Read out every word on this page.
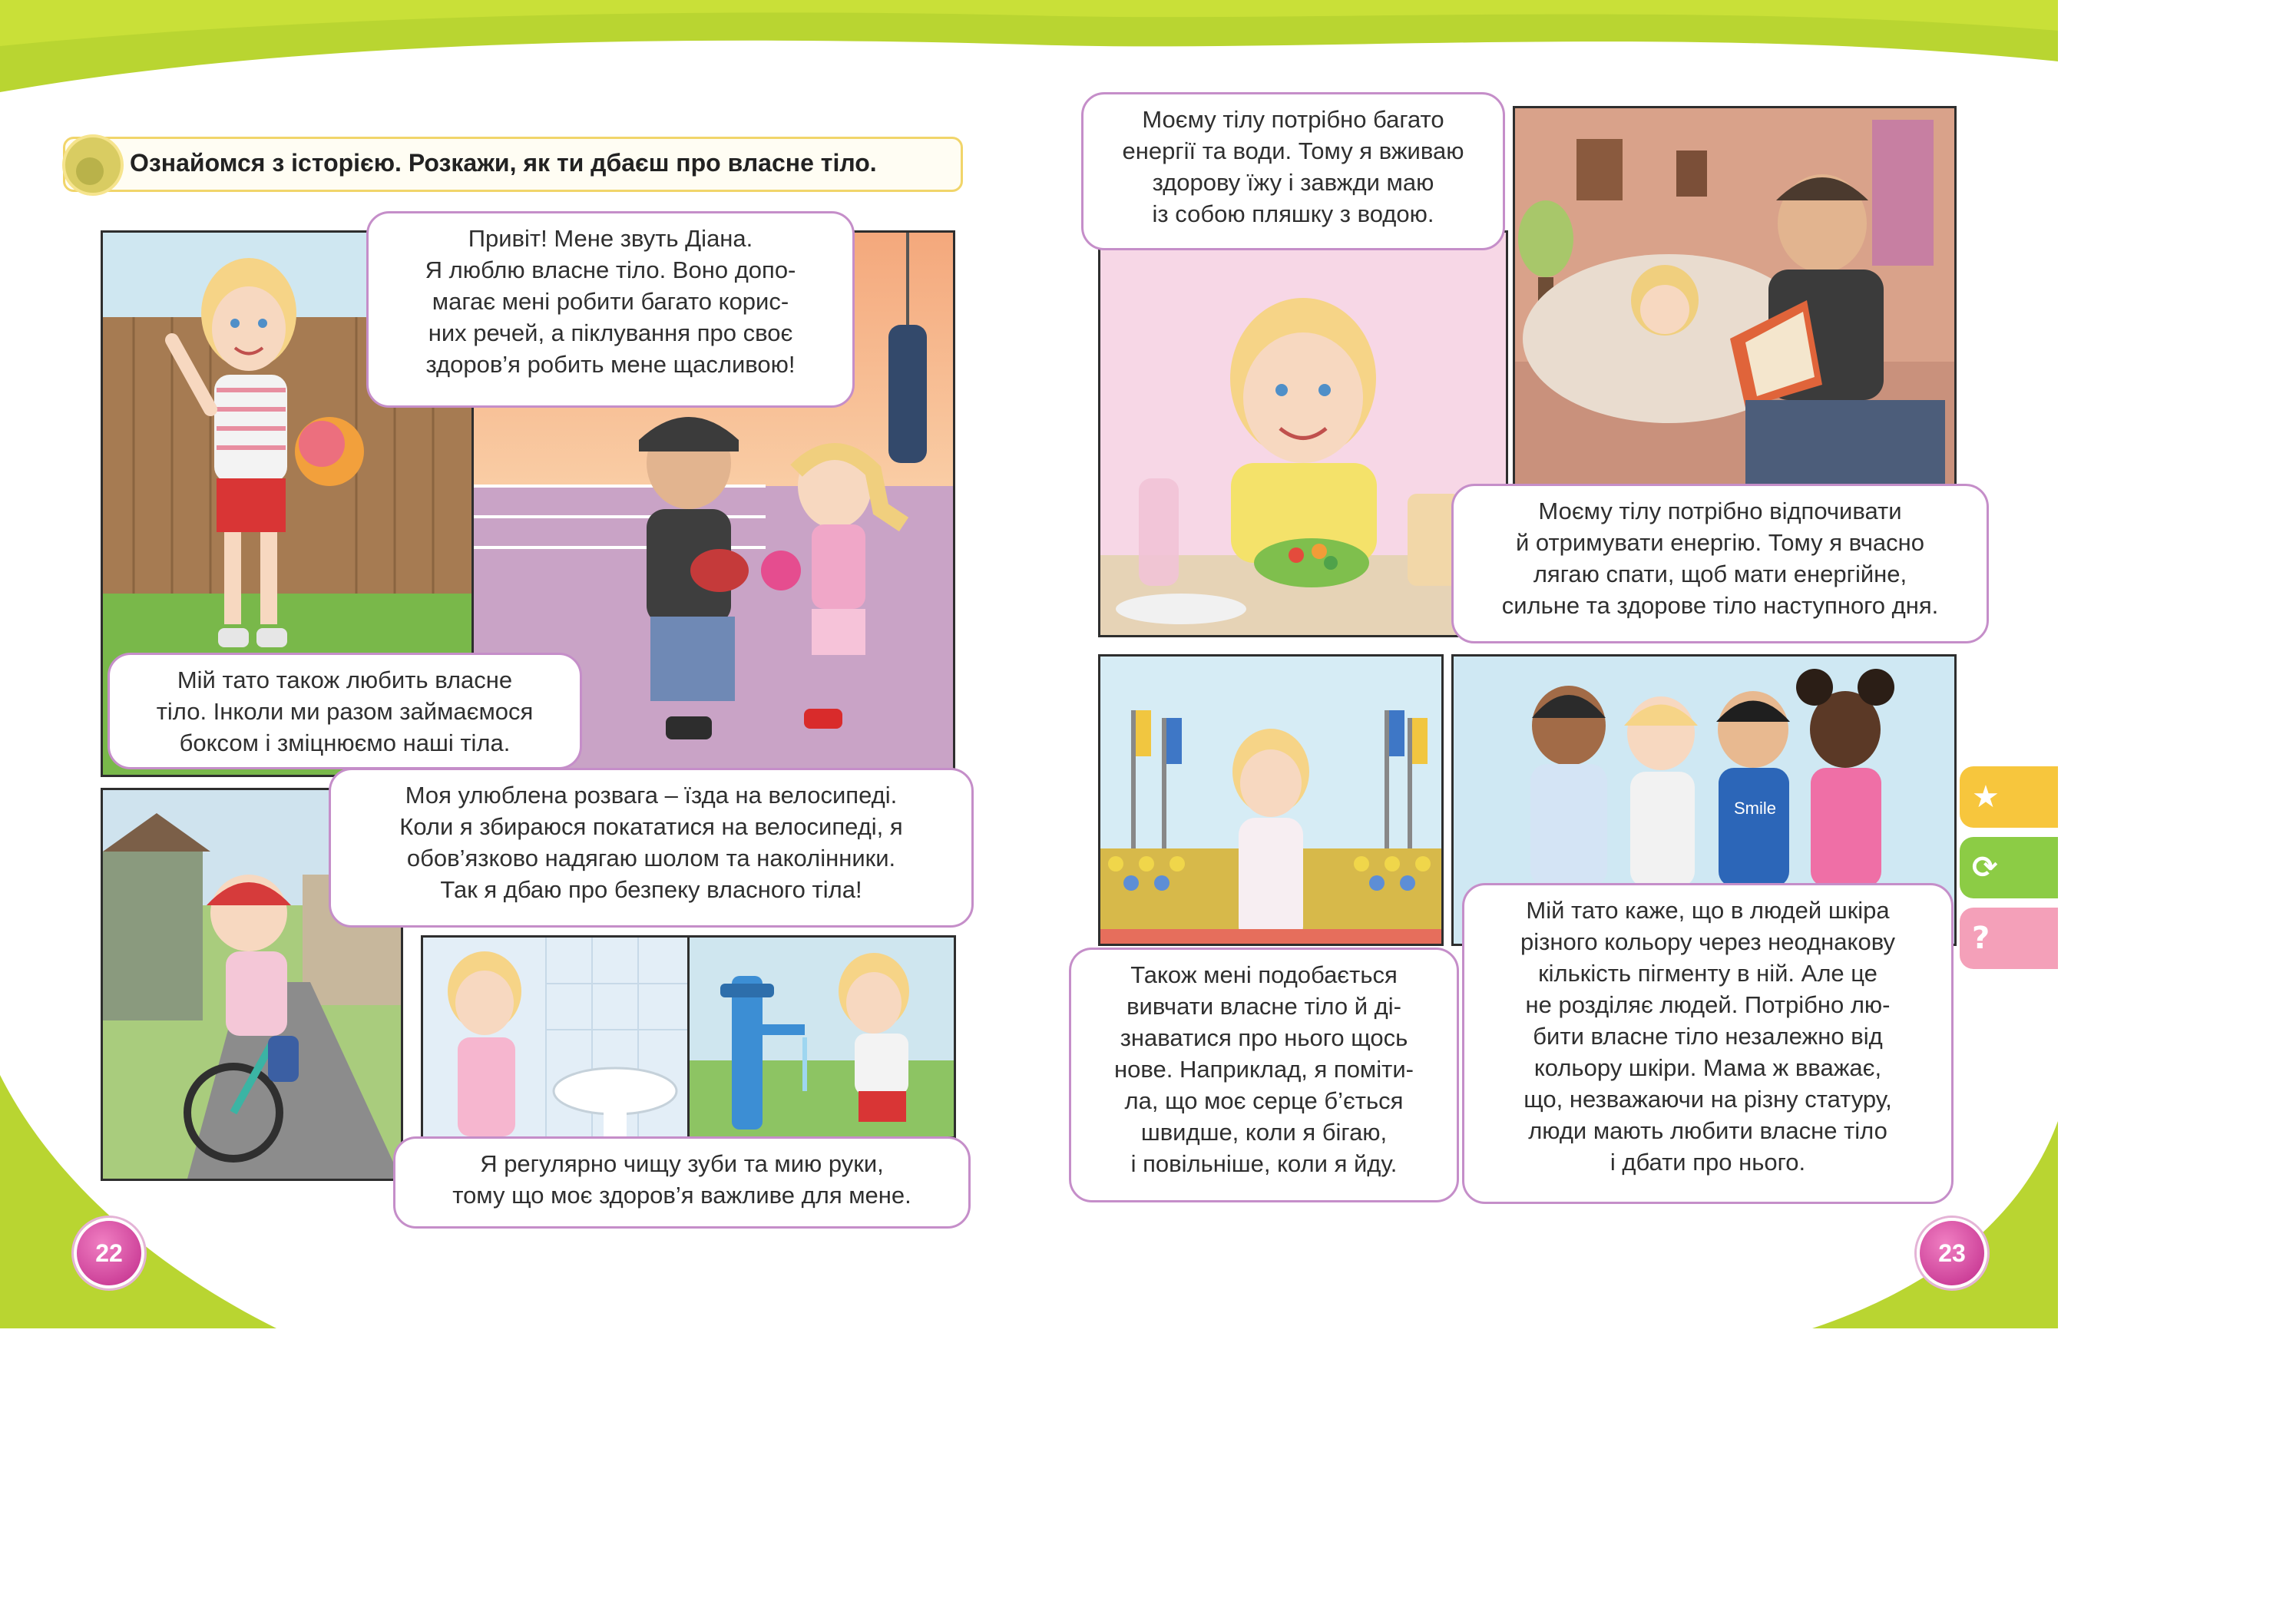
Ознайомся з історією. Розкажи, як ти дбаєш про власне тіло.
Привіт! Мене звуть Діана.
Я люблю власне тіло. Воно допо-
магає мені робити багато корис-
них речей, а піклування про своє
здоров’я робить мене щасливою!
Мій тато також любить власне
тіло. Інколи ми разом займаємося
боксом і зміцнюємо наші тіла.
Моя улюблена розвага – їзда на велосипеді.
Коли я збираюся покататися на велосипеді, я
обов’язково надягаю шолом та наколінники.
Так я дбаю про безпеку власного тіла!
Я регулярно чищу зуби та мию руки,
тому що моє здоров’я важливе для мене.
22
Smile
Моєму тілу потрібно багато
енергії та води. Тому я вживаю
здорову їжу і завжди маю
із собою пляшку з водою.
Моєму тілу потрібно відпочивати
й отримувати енергію. Тому я вчасно
лягаю спати, щоб мати енергійне,
сильне та здорове тіло наступного дня.
Також мені подобається
вивчати власне тіло й ді-
знаватися про нього щось
нове. Наприклад, я поміти-
ла, що моє серце б’ється
швидше, коли я бігаю,
і повільніше, коли я йду.
Мій тато каже, що в людей шкіра
різного кольору через неоднакову
кількість пігменту в ній. Але це
не розділяє людей. Потрібно лю-
бити власне тіло незалежно від
кольору шкіри. Мама ж вважає,
що, незважаючи на різну статуру,
люди мають любити власне тіло
і дбати про нього.
23
★
⟳
?
